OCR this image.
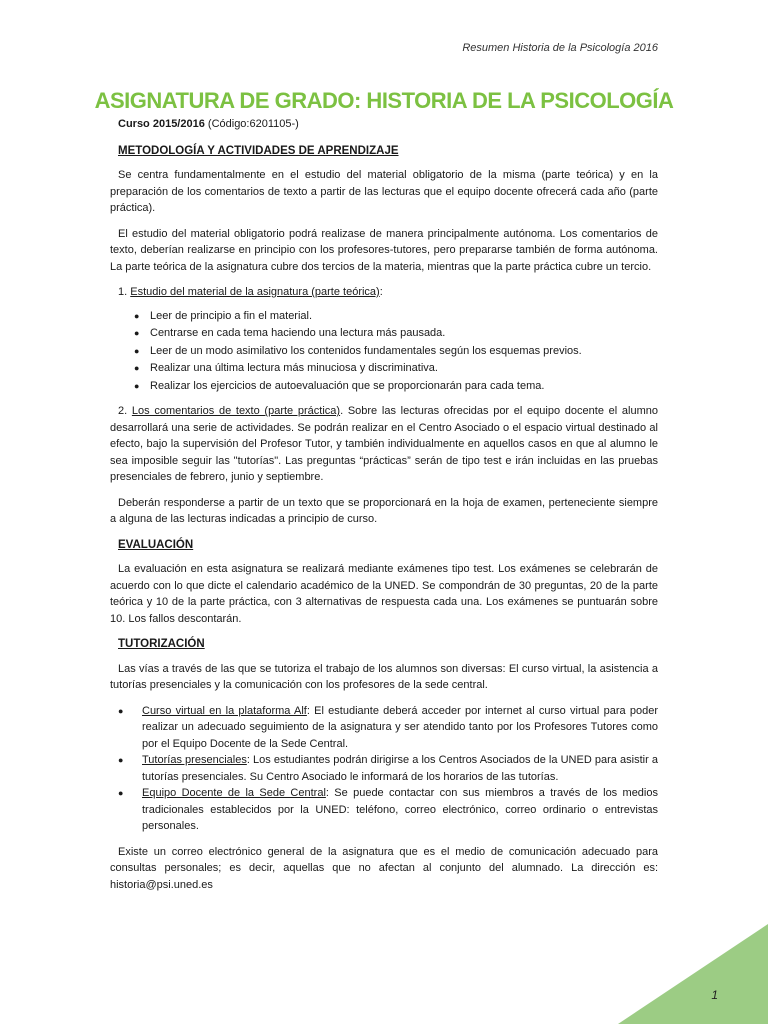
Resumen Historia de la Psicología 2016
ASIGNATURA DE GRADO: HISTORIA DE LA PSICOLOGÍA
Curso 2015/2016 (Código:6201105-)
METODOLOGÍA Y ACTIVIDADES DE APRENDIZAJE

Se centra fundamentalmente en el estudio del material obligatorio de la misma (parte teórica) y en la preparación de los comentarios de texto a partir de las lecturas que el equipo docente ofrecerá cada año (parte práctica).

El estudio del material obligatorio podrá realizase de manera principalmente autónoma. Los comentarios de texto, deberían realizarse en principio con los profesores-tutores, pero prepararse también de forma autónoma. La parte teórica de la asignatura cubre dos tercios de la materia, mientras que la parte práctica cubre un tercio.

1. Estudio del material de la asignatura (parte teórica):
● Leer de principio a fin el material.
● Centrarse en cada tema haciendo una lectura más pausada.
● Leer de un modo asimilativo los contenidos fundamentales según los esquemas previos.
● Realizar una última lectura más minuciosa y discriminativa.
● Realizar los ejercicios de autoevaluación que se proporcionarán para cada tema.

2. Los comentarios de texto (parte práctica). Sobre las lecturas ofrecidas por el equipo docente el alumno desarrollará una serie de actividades. Se podrán realizar en el Centro Asociado o el espacio virtual destinado al efecto, bajo la supervisión del Profesor Tutor, y también individualmente en aquellos casos en que al alumno le sea imposible seguir las "tutorías". Las preguntas “prácticas” serán de tipo test e irán incluidas en las pruebas presenciales de febrero, junio y septiembre.

Deberán responderse a partir de un texto que se proporcionará en la hoja de examen, perteneciente siempre a alguna de las lecturas indicadas a principio de curso.

EVALUACIÓN

La evaluación en esta asignatura se realizará mediante exámenes tipo test. Los exámenes se celebrarán de acuerdo con lo que dicte el calendario académico de la UNED. Se compondrán de 30 preguntas, 20 de la parte teórica y 10 de la parte práctica, con 3 alternativas de respuesta cada una. Los exámenes se puntuarán sobre 10. Los fallos descontarán.

TUTORIZACIÓN

Las vías a través de las que se tutoriza el trabajo de los alumnos son diversas: El curso virtual, la asistencia a tutorías presenciales y la comunicación con los profesores de la sede central.

● Curso virtual en la plataforma Alf: El estudiante deberá acceder por internet al curso virtual para poder realizar un adecuado seguimiento de la asignatura y ser atendido tanto por los Profesores Tutores como por el Equipo Docente de la Sede Central.
● Tutorías presenciales: Los estudiantes podrán dirigirse a los Centros Asociados de la UNED para asistir a tutorías presenciales. Su Centro Asociado le informará de los horarios de las tutorías.
● Equipo Docente de la Sede Central: Se puede contactar con sus miembros a través de los medios tradicionales establecidos por la UNED: teléfono, correo electrónico, correo ordinario o entrevistas personales.

Existe un correo electrónico general de la asignatura que es el medio de comunicación adecuado para consultas personales; es decir, aquellas que no afectan al conjunto del alumnado. La dirección es: historia@psi.uned.es

1
